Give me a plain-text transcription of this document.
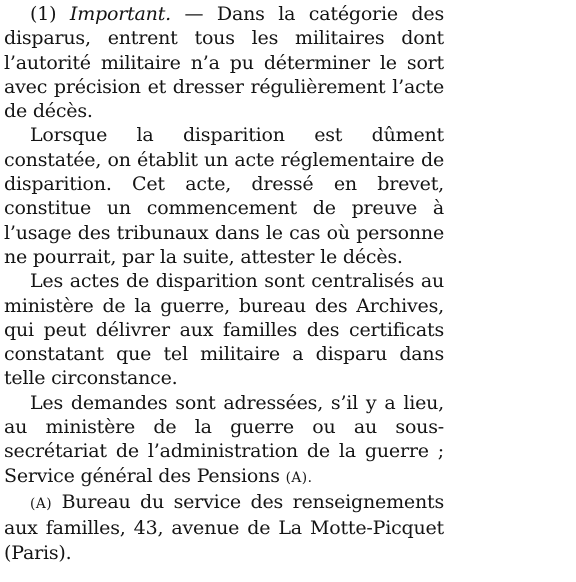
(1) Important. — Dans la catégorie des disparus, entrent tous les militaires dont l’autorité militaire n’a pu déterminer le sort avec précision et dresser régulièrement l’acte de décès.

Lorsque la disparition est dûment constatée, on établit un acte réglementaire de disparition. Cet acte, dressé en brevet, constitue un commencement de preuve à l’usage des tribunaux dans le cas où personne ne pourrait, par la suite, attester le décès.

Les actes de disparition sont centralisés au ministère de la guerre, bureau des Archives, qui peut délivrer aux familles des certificats constatant que tel militaire a disparu dans telle circonstance.

Les demandes sont adressées, s’il y a lieu, au ministère de la guerre ou au sous-secrétariat de l’administration de la guerre ; Service général des Pensions (A).

(A) Bureau du service des renseignements aux familles, 43, avenue de La Motte-Picquet (Paris).
